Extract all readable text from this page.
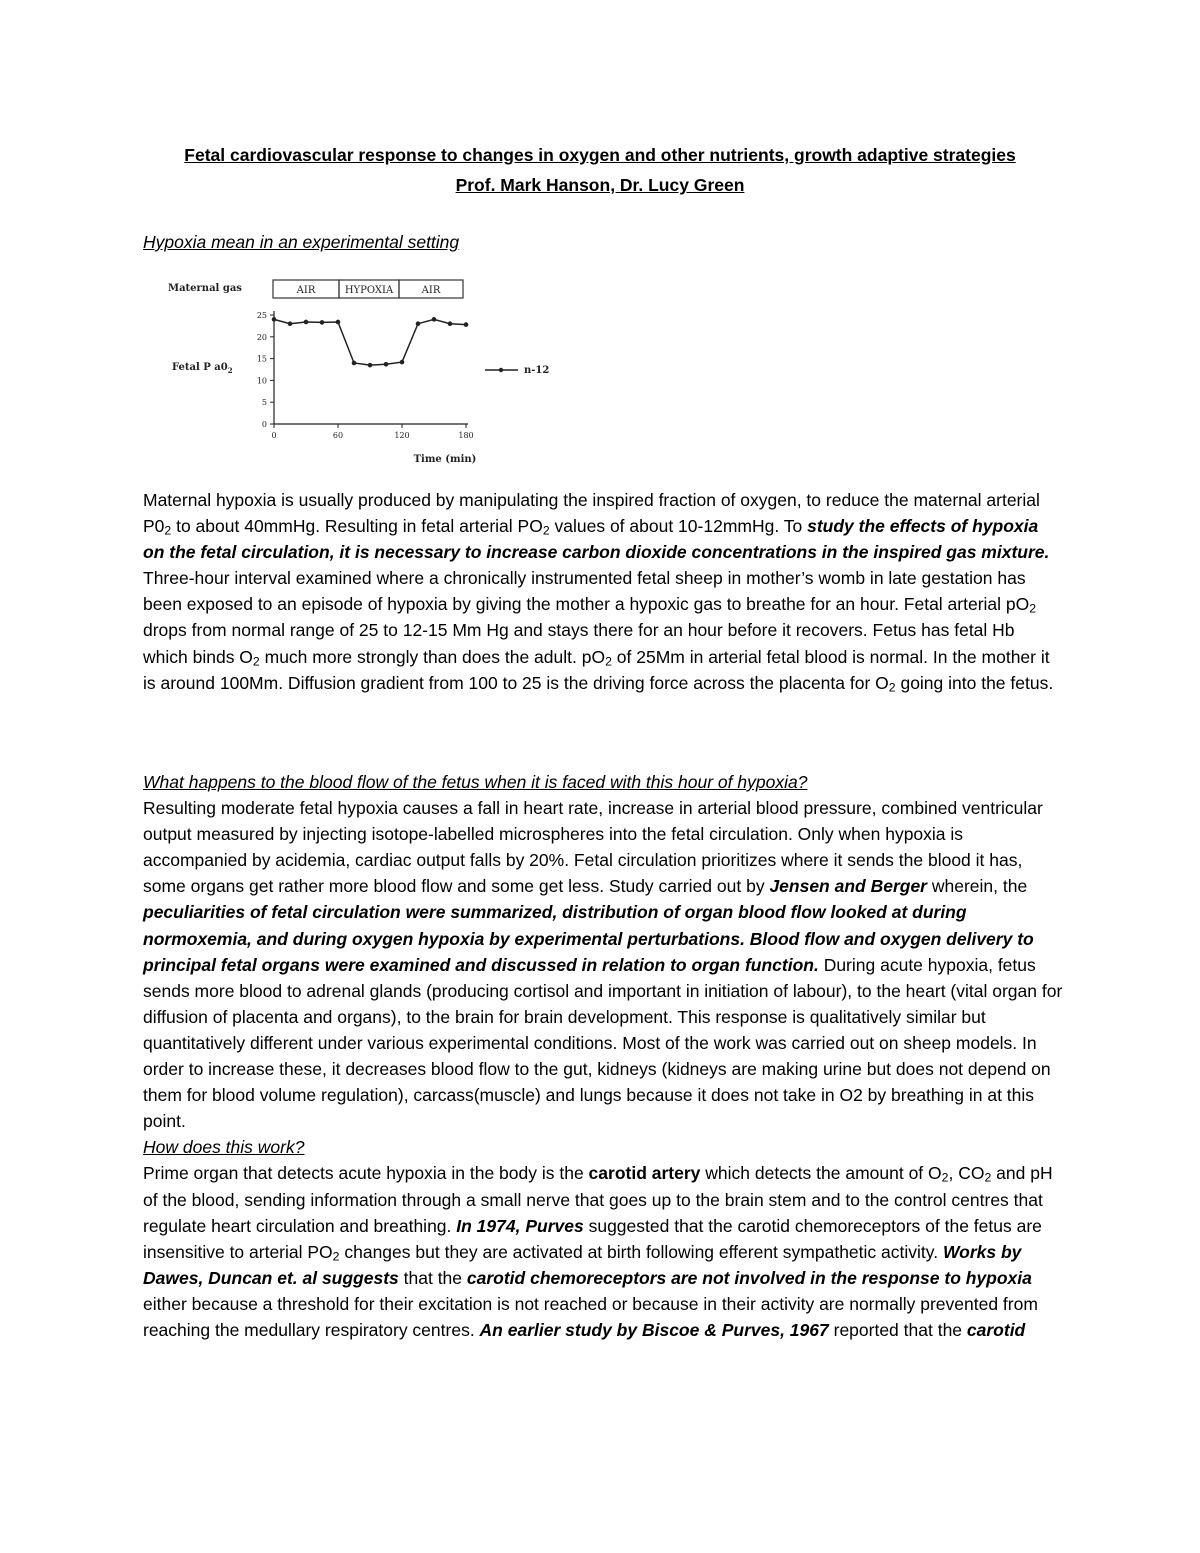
Fetal cardiovascular response to changes in oxygen and other nutrients, growth adaptive strategies
Prof. Mark Hanson, Dr. Lucy Green
Hypoxia mean in an experimental setting
Maternal gas	AIR	HYPOXIA	AIR
Fetal P $a0_2$
0
5
10
15
20
25
0	60	120	180
Time (min)
n-12

Maternal hypoxia is usually produced by manipulating the inspired fraction of oxygen, to reduce the maternal arterial $P0_2$ to about 40mmHg. Resulting in fetal arterial $PO_2$ values of about 10-12mmHg. To study the effects of hypoxia on the fetal circulation, it is necessary to increase carbon dioxide concentrations in the inspired gas mixture. Three-hour interval examined where a chronically instrumented fetal sheep in mother’s womb in late gestation has been exposed to an episode of hypoxia by giving the mother a hypoxic gas to breathe for an hour. Fetal arterial $pO_2$ drops from normal range of 25 to 12-15 Mm Hg and stays there for an hour before it recovers. Fetus has fetal Hb which binds $O_2$ much more strongly than does the adult. $pO_2$ of 25Mm in arterial fetal blood is normal. In the mother it is around 100Mm. Diffusion gradient from 100 to 25 is the driving force across the placenta for $O_2$ going into the fetus.

What happens to the blood flow of the fetus when it is faced with this hour of hypoxia?

Resulting moderate fetal hypoxia causes a fall in heart rate, increase in arterial blood pressure, combined ventricular output measured by injecting isotope-labelled microspheres into the fetal circulation. Only when hypoxia is accompanied by acidemia, cardiac output falls by 20%. Fetal circulation prioritizes where it sends the blood it has, some organs get rather more blood flow and some get less. Study carried out by Jensen and Berger wherein, the peculiarities of fetal circulation were summarized, distribution of organ blood flow looked at during normoxemia, and during oxygen hypoxia by experimental perturbations. Blood flow and oxygen delivery to principal fetal organs were examined and discussed in relation to organ function. During acute hypoxia, fetus sends more blood to adrenal glands (producing cortisol and important in initiation of labour), to the heart (vital organ for diffusion of placenta and organs), to the brain for brain development. This response is qualitatively similar but quantitatively different under various experimental conditions. Most of the work was carried out on sheep models. In order to increase these, it decreases blood flow to the gut, kidneys (kidneys are making urine but does not depend on them for blood volume regulation), carcass(muscle) and lungs because it does not take in O2 by breathing in at this point.

How does this work?

Prime organ that detects acute hypoxia in the body is the carotid artery which detects the amount of $O_2$, $CO_2$ and pH of the blood, sending information through a small nerve that goes up to the brain stem and to the control centres that regulate heart circulation and breathing. In 1974, Purves suggested that the carotid chemoreceptors of the fetus are insensitive to arterial $PO_2$ changes but they are activated at birth following efferent sympathetic activity. Works by Dawes, Duncan et. al suggests that the carotid chemoreceptors are not involved in the response to hypoxia either because a threshold for their excitation is not reached or because in their activity are normally prevented from reaching the medullary respiratory centres. An earlier study by Biscoe & Purves, 1967 reported that the carotid
